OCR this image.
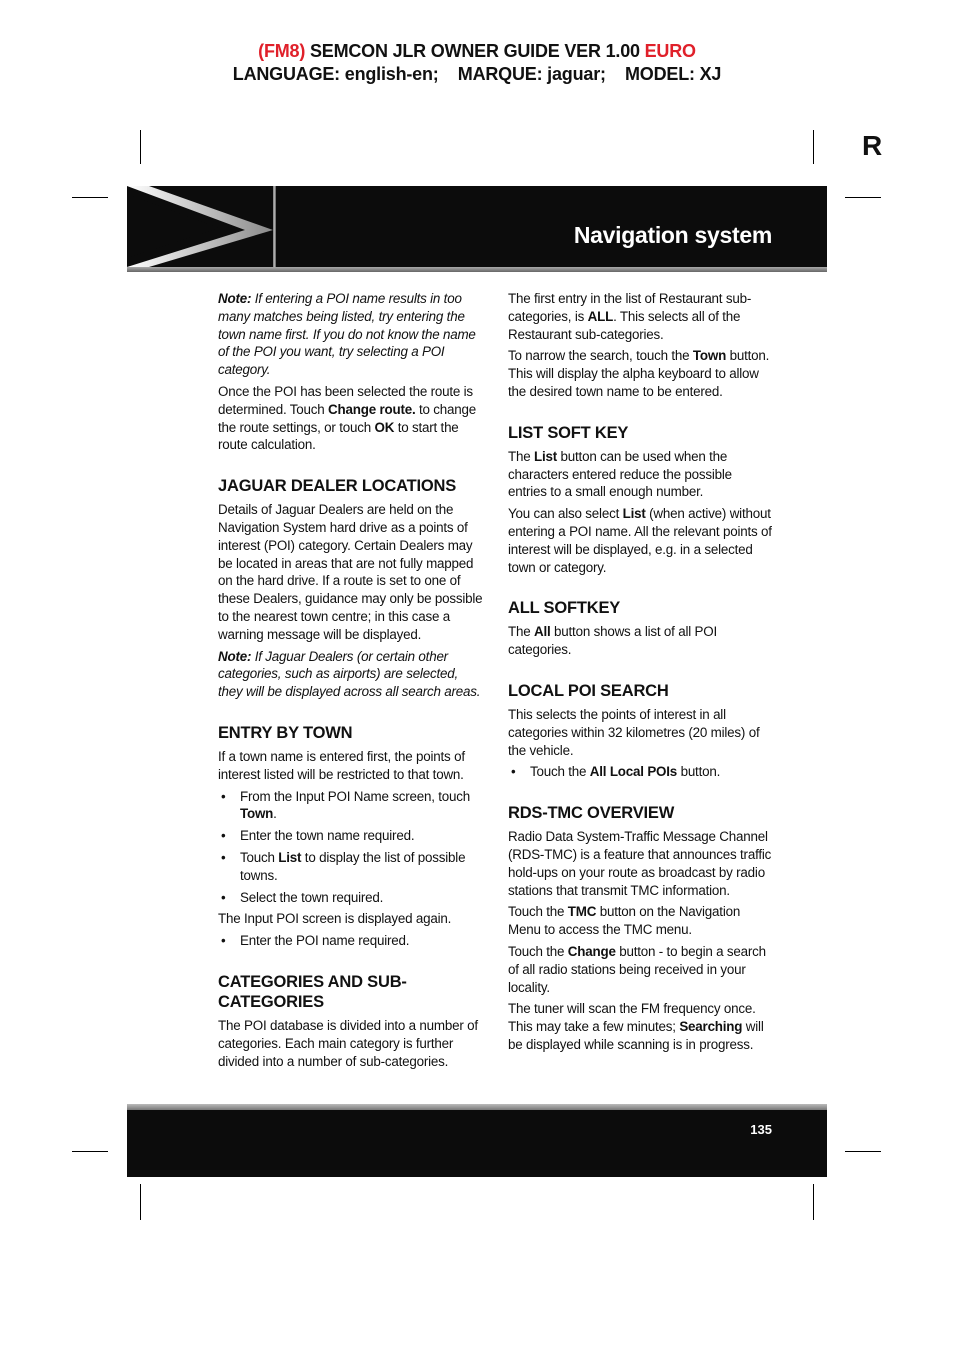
(FM8) SEMCON JLR OWNER GUIDE VER 1.00 EURO
LANGUAGE: english-en;    MARQUE: jaguar;    MODEL: XJ
R
Navigation system

Note: If entering a POI name results in too many matches being listed, try entering the town name first. If you do not know the name of the POI you want, try selecting a POI category.

Once the POI has been selected the route is determined. Touch Change route. to change the route settings, or touch OK to start the route calculation.

JAGUAR DEALER LOCATIONS

Details of Jaguar Dealers are held on the Navigation System hard drive as a points of interest (POI) category. Certain Dealers may be located in areas that are not fully mapped on the hard drive. If a route is set to one of these Dealers, guidance may only be possible to the nearest town centre; in this case a warning message will be displayed.

Note: If Jaguar Dealers (or certain other categories, such as airports) are selected, they will be displayed across all search areas.

ENTRY BY TOWN

If a town name is entered first, the points of interest listed will be restricted to that town.

• From the Input POI Name screen, touch Town.
• Enter the town name required.
• Touch List to display the list of possible towns.
• Select the town required.

The Input POI screen is displayed again.

• Enter the POI name required.
CATEGORIES AND SUB-CATEGORIES

The POI database is divided into a number of categories. Each main category is further divided into a number of sub-categories.

The first entry in the list of Restaurant sub-categories, is ALL. This selects all of the Restaurant sub-categories.

To narrow the search, touch the Town button. This will display the alpha keyboard to allow the desired town name to be entered.

LIST SOFT KEY

The List button can be used when the characters entered reduce the possible entries to a small enough number.

You can also select List (when active) without entering a POI name. All the relevant points of interest will be displayed, e.g. in a selected town or category.

ALL SOFTKEY

The All button shows a list of all POI categories.

LOCAL POI SEARCH

This selects the points of interest in all categories within 32 kilometres (20 miles) of the vehicle.

• Touch the All Local POIs button.
RDS-TMC OVERVIEW

Radio Data System-Traffic Message Channel (RDS-TMC) is a feature that announces traffic hold-ups on your route as broadcast by radio stations that transmit TMC information.

Touch the TMC button on the Navigation Menu to access the TMC menu.

Touch the Change button - to begin a search of all radio stations being received in your locality.

The tuner will scan the FM frequency once. This may take a few minutes; Searching will be displayed while scanning is in progress.

135
